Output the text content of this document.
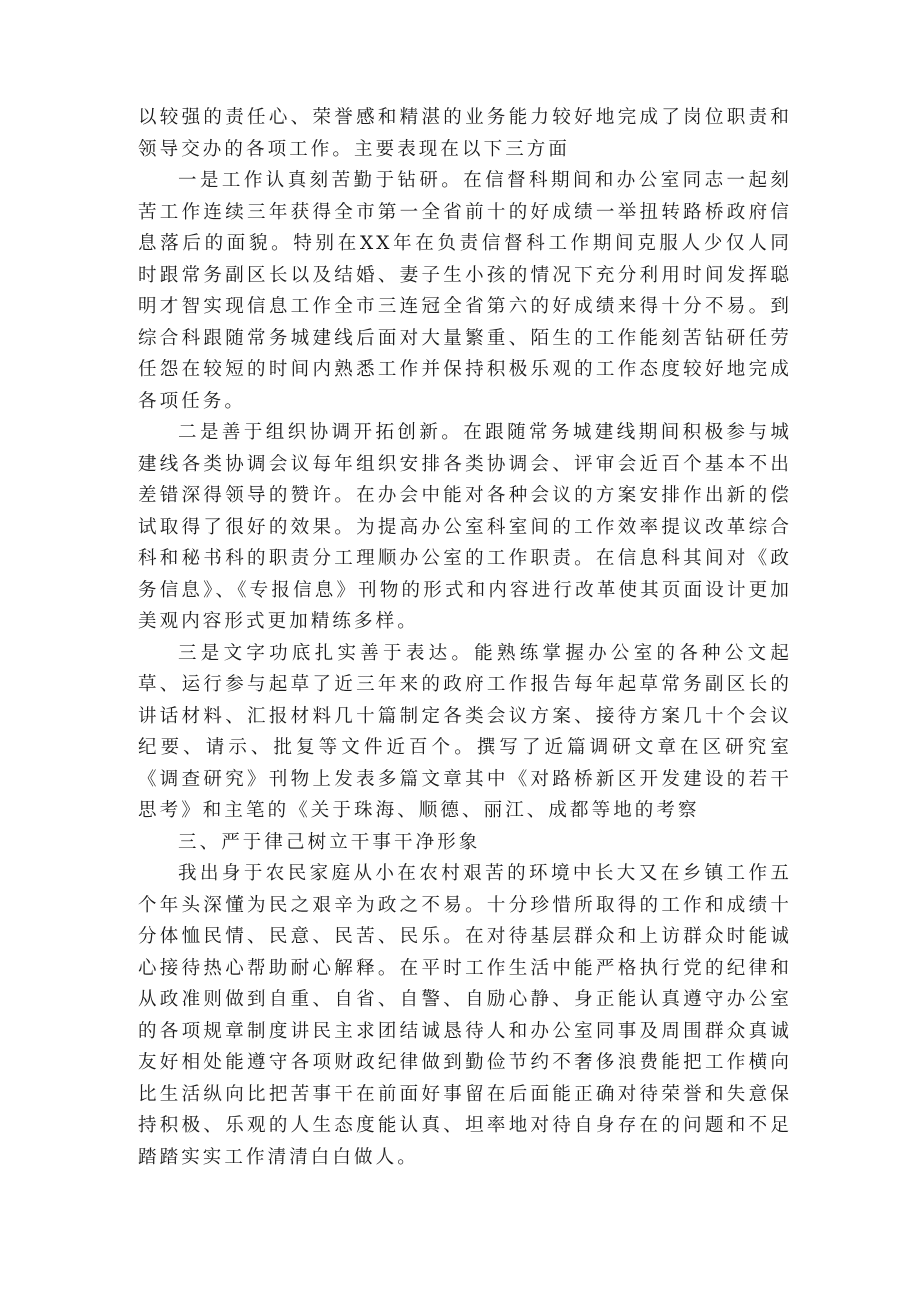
以较强的责任心、荣誉感和精湛的业务能力较好地完成了岗位职责和领导交办的各项工作。主要表现在以下三方面

一是工作认真刻苦勤于钻研。在信督科期间和办公室同志一起刻苦工作连续三年获得全市第一全省前十的好成绩一举扭转路桥政府信息落后的面貌。特别在XX年在负责信督科工作期间克服人少仅人同时跟常务副区长以及结婚、妻子生小孩的情况下充分利用时间发挥聪明才智实现信息工作全市三连冠全省第六的好成绩来得十分不易。到综合科跟随常务城建线后面对大量繁重、陌生的工作能刻苦钻研任劳任怨在较短的时间内熟悉工作并保持积极乐观的工作态度较好地完成各项任务。

二是善于组织协调开拓创新。在跟随常务城建线期间积极参与城建线各类协调会议每年组织安排各类协调会、评审会近百个基本不出差错深得领导的赞许。在办会中能对各种会议的方案安排作出新的偿试取得了很好的效果。为提高办公室科室间的工作效率提议改革综合科和秘书科的职责分工理顺办公室的工作职责。在信息科其间对《政务信息》、《专报信息》刊物的形式和内容进行改革使其页面设计更加美观内容形式更加精练多样。

三是文字功底扎实善于表达。能熟练掌握办公室的各种公文起草、运行参与起草了近三年来的政府工作报告每年起草常务副区长的讲话材料、汇报材料几十篇制定各类会议方案、接待方案几十个会议纪要、请示、批复等文件近百个。撰写了近篇调研文章在区研究室《调查研究》刊物上发表多篇文章其中《对路桥新区开发建设的若干思考》和主笔的《关于珠海、顺德、丽江、成都等地的考察

三、严于律己树立干事干净形象

我出身于农民家庭从小在农村艰苦的环境中长大又在乡镇工作五个年头深懂为民之艰辛为政之不易。十分珍惜所取得的工作和成绩十分体恤民情、民意、民苦、民乐。在对待基层群众和上访群众时能诚心接待热心帮助耐心解释。在平时工作生活中能严格执行党的纪律和从政准则做到自重、自省、自警、自励心静、身正能认真遵守办公室的各项规章制度讲民主求团结诚恳待人和办公室同事及周围群众真诚友好相处能遵守各项财政纪律做到勤俭节约不奢侈浪费能把工作横向比生活纵向比把苦事干在前面好事留在后面能正确对待荣誉和失意保持积极、乐观的人生态度能认真、坦率地对待自身存在的问题和不足踏踏实实工作清清白白做人。
